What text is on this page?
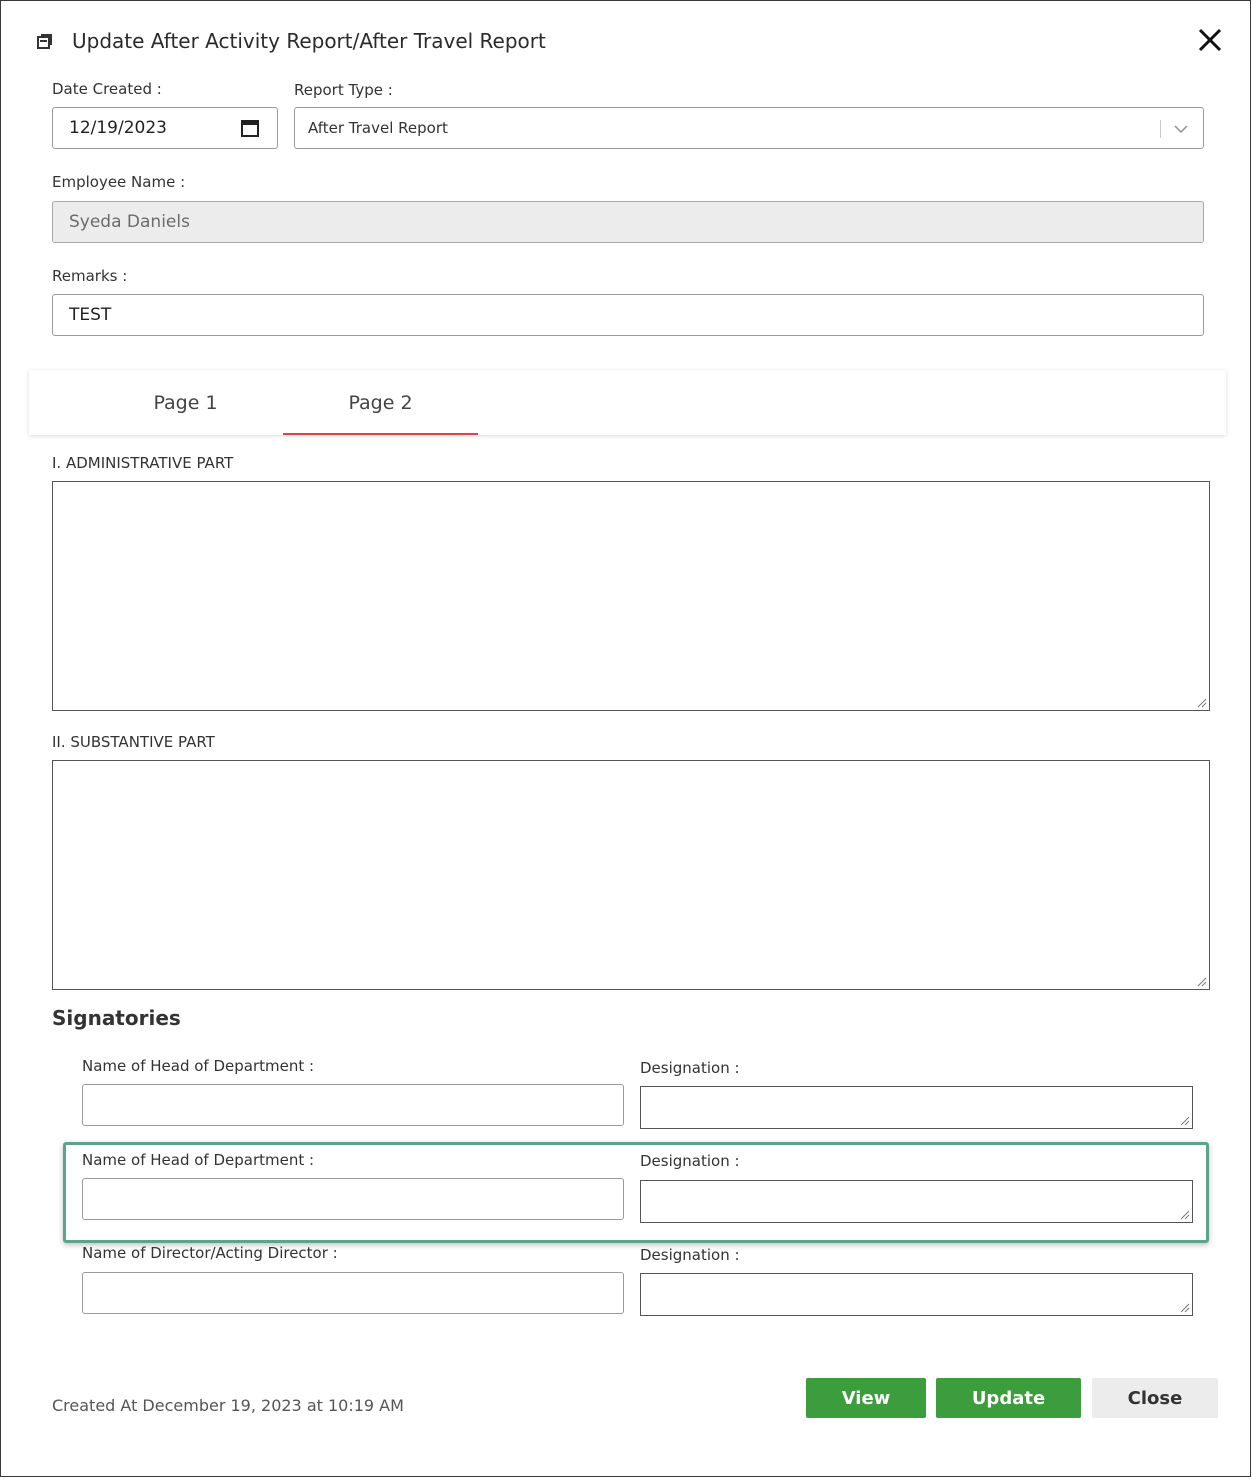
Update After Activity Report/After Travel Report
Date Created :
12/19/2023
Report Type :
After Travel Report
Employee Name :
Syeda Daniels
Remarks :
TEST
Page 1	Page 2
I. ADMINISTRATIVE PART
II. SUBSTANTIVE PART
Signatories
Name of Head of Department :	Designation :
Name of Head of Department :	Designation :
Name of Director/Acting Director :	Designation :
Created At December 19, 2023 at 10:19 AM	View	Update	Close
